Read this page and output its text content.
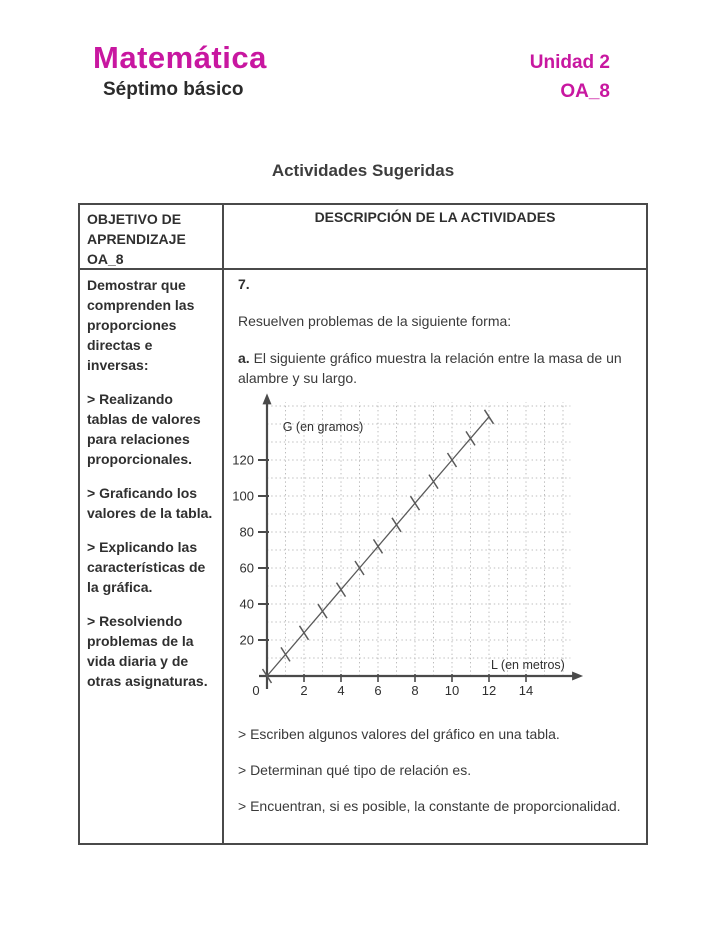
Matemática
Séptimo básico
Unidad 2
OA_8
Actividades Sugeridas
OBJETIVO DE APRENDIZAJE OA_8
DESCRIPCIÓN DE LA ACTIVIDADES

Demostrar que comprenden las proporciones directas e inversas:

> Realizando tablas de valores para relaciones proporcionales.

> Graficando los valores de la tabla.

> Explicando las características de la gráfica.

> Resolviendo problemas de la vida diaria y de otras asignaturas.

7.

Resuelven problemas de la siguiente forma:

a. El siguiente gráfico muestra la relación entre la masa de un alambre y su largo.

20
40
60
80
100
120
0	2 4 6 8 10 12 14
G (en gramos)
L (en metros)

> Escriben algunos valores del gráfico en una tabla.

> Determinan qué tipo de relación es.

> Encuentran, si es posible, la constante de proporcionalidad.
